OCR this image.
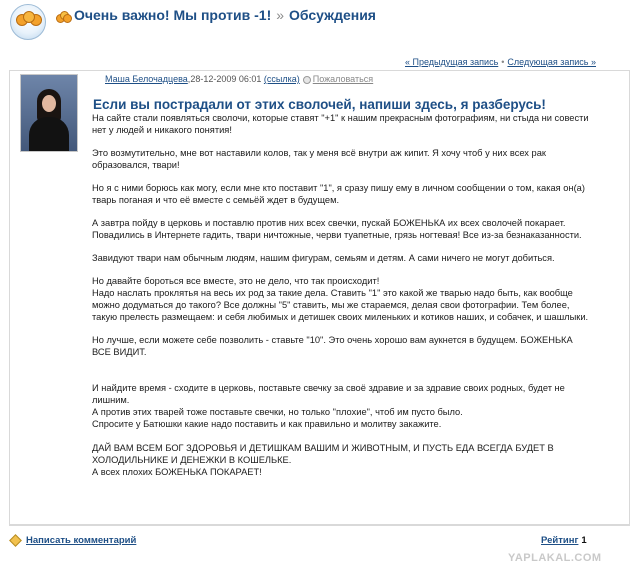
Очень важно! Мы против -1! » Обсуждения
« Предыдущая запись • Следующая запись »
Маша Белочадцева,28-12-2009 06:01 (ссылка) Пожаловаться
Если вы пострадали от этих сволочей, напиши здесь, я разберусь!

На сайте стали появляться сволочи, которые ставят "+1" к нашим прекрасным фотографиям, ни стыда ни совести нет у людей и никакого понятия!

Это возмутительно, мне вот наставили колов, так у меня всё внутри аж кипит. Я хочу чтоб у них всех рак образовался, твари!

Но я с ними борюсь как могу, если мне кто поставит "1", я сразу пишу ему в личном сообщении о том, какая он(а) тварь поганая и что её вместе с семьёй ждет в будущем.

А завтра пойду в церковь и поставлю против них всех свечки, пускай БОЖЕНЬКА их всех сволочей покарает. Повадились в Интернете гадить, твари ничтожные, черви туапетные, грязь ногтевая! Все из-за безнаказанности.

Завидуют твари нам обычным людям, нашим фигурам, семьям и детям. А сами ничего не могут добиться.

Но давайте бороться все вместе, это не дело, что так происходит!
Надо наслать проклятья на весь их род за такие дела. Ставить "1" это какой же тварью надо быть, как вообще можно додуматься до такого? Все должны "5" ставить, мы же стараемся, делая свои фотографии. Тем более, такую прелесть размещаем: и себя любимых и детишек своих миленьких и котиков наших, и собачек, и шашлыки.

Но лучше, если можете себе позволить - ставьте "10". Это очень хорошо вам аукнется в будущем. БОЖЕНЬКА ВСЕ ВИДИТ.

И найдите время - сходите в церковь, поставьте свечку за своё здравие и за здравие своих родных, будет не лишним.
А против этих тварей тоже поставьте свечки, но только "плохие", чтоб им пусто было.
Спросите у Батюшки какие надо поставить и как правильно и молитву закажите.

ДАЙ ВАМ ВСЕМ БОГ ЗДОРОВЬЯ И ДЕТИШКАМ ВАШИМ И ЖИВОТНЫМ, И ПУСТЬ ЕДА ВСЕГДА БУДЕТ В ХОЛОДИЛЬНИКЕ И ДЕНЕЖКИ В КОШЕЛЬКЕ.
А всех плохих БОЖЕНЬКА ПОКАРАЕТ!

Написать комментарий	Рейтинг 1
YAPLAKAL.COM
